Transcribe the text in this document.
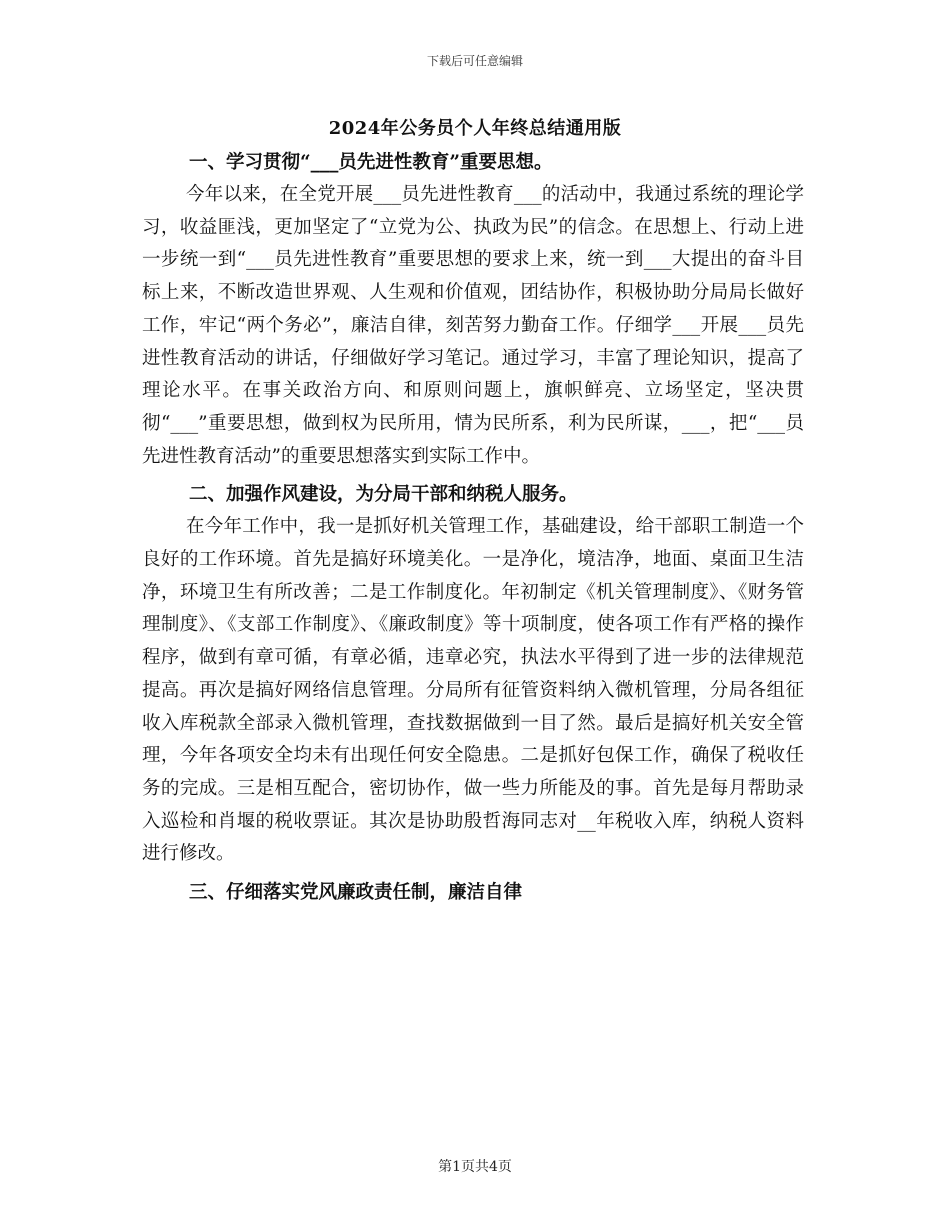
下载后可任意编辑
2024年公务员个人年终总结通用版

一、学习贯彻“___员先进性教育”重要思想。

今年以来，在全党开展___员先进性教育___的活动中，我通过系统的理论学习，收益匪浅，更加坚定了“立党为公、执政为民”的信念。在思想上、行动上进一步统一到“___员先进性教育”重要思想的要求上来，统一到___大提出的奋斗目标上来，不断改造世界观、人生观和价值观，团结协作，积极协助分局局长做好工作，牢记“两个务必”，廉洁自律，刻苦努力勤奋工作。仔细学___开展___员先进性教育活动的讲话，仔细做好学习笔记。通过学习，丰富了理论知识，提高了理论水平。在事关政治方向、和原则问题上，旗帜鲜亮、立场坚定，坚决贯彻“___”重要思想，做到权为民所用，情为民所系，利为民所谋，___，把“___员先进性教育活动”的重要思想落实到实际工作中。

二、加强作风建设，为分局干部和纳税人服务。

在今年工作中，我一是抓好机关管理工作，基础建设，给干部职工制造一个良好的工作环境。首先是搞好环境美化。一是净化，境洁净，地面、桌面卫生洁净，环境卫生有所改善；二是工作制度化。年初制定《机关管理制度》、《财务管理制度》、《支部工作制度》、《廉政制度》等十项制度，使各项工作有严格的操作程序，做到有章可循，有章必循，违章必究，执法水平得到了进一步的法律规范提高。再次是搞好网络信息管理。分局所有征管资料纳入微机管理，分局各组征收入库税款全部录入微机管理，查找数据做到一目了然。最后是搞好机关安全管理，今年各项安全均未有出现任何安全隐患。二是抓好包保工作，确保了税收任务的完成。三是相互配合，密切协作，做一些力所能及的事。首先是每月帮助录入巡检和肖堰的税收票证。其次是协助殷哲海同志对__年税收入库，纳税人资料进行修改。

三、仔细落实党风廉政责任制，廉洁自律

第1页共4页
